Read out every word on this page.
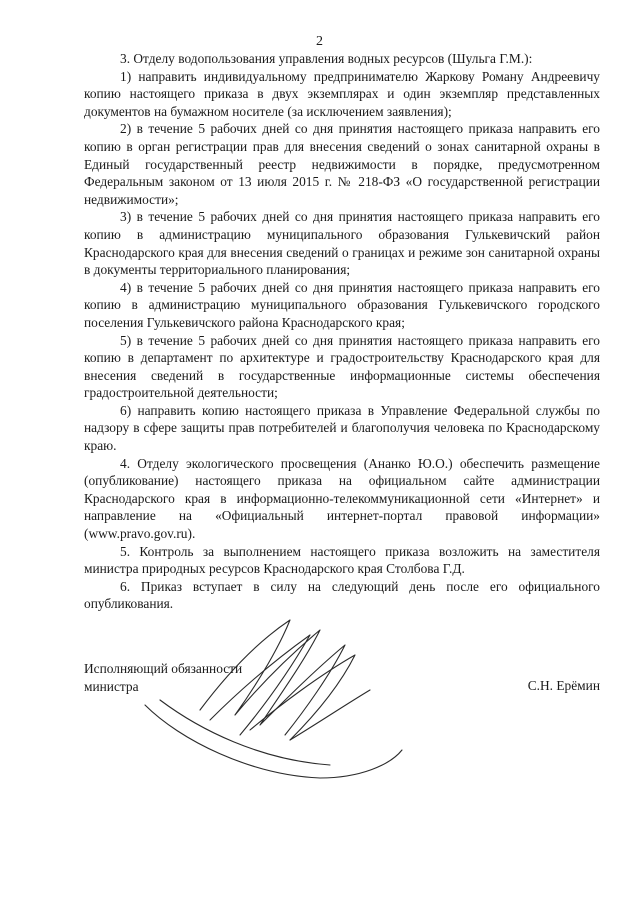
2

3. Отделу водопользования управления водных ресурсов (Шульга Г.М.):

1) направить индивидуальному предпринимателю Жаркову Роману Андреевичу копию настоящего приказа в двух экземплярах и один экземпляр представленных документов на бумажном носителе (за исключением заявления);

2) в течение 5 рабочих дней со дня принятия настоящего приказа направить его копию в орган регистрации прав для внесения сведений о зонах санитарной охраны в Единый государственный реестр недвижимости в порядке, предусмотренном Федеральным законом от 13 июля 2015 г. № 218-ФЗ «О государственной регистрации недвижимости»;

3) в течение 5 рабочих дней со дня принятия настоящего приказа направить его копию в администрацию муниципального образования Гулькевичский район Краснодарского края для внесения сведений о границах и режиме зон санитарной охраны в документы территориального планирования;

4) в течение 5 рабочих дней со дня принятия настоящего приказа направить его копию в администрацию муниципального образования Гулькевичского городского поселения Гулькевичского района Краснодарского края;

5) в течение 5 рабочих дней со дня принятия настоящего приказа направить его копию в департамент по архитектуре и градостроительству Краснодарского края для внесения сведений в государственные информационные системы обеспечения градостроительной деятельности;

6) направить копию настоящего приказа в Управление Федеральной службы по надзору в сфере защиты прав потребителей и благополучия человека по Краснодарскому краю.

4. Отделу экологического просвещения (Ананко Ю.О.) обеспечить размещение (опубликование) настоящего приказа на официальном сайте администрации Краснодарского края в информационно-телекоммуникационной сети «Интернет» и направление на «Официальный интернет-портал правовой информации» (www.pravo.gov.ru).

5. Контроль за выполнением настоящего приказа возложить на заместителя министра природных ресурсов Краснодарского края Столбова Г.Д.

6. Приказ вступает в силу на следующий день после его официального опубликования.

Исполняющий обязанности
министра	С.Н. Ерёмин
